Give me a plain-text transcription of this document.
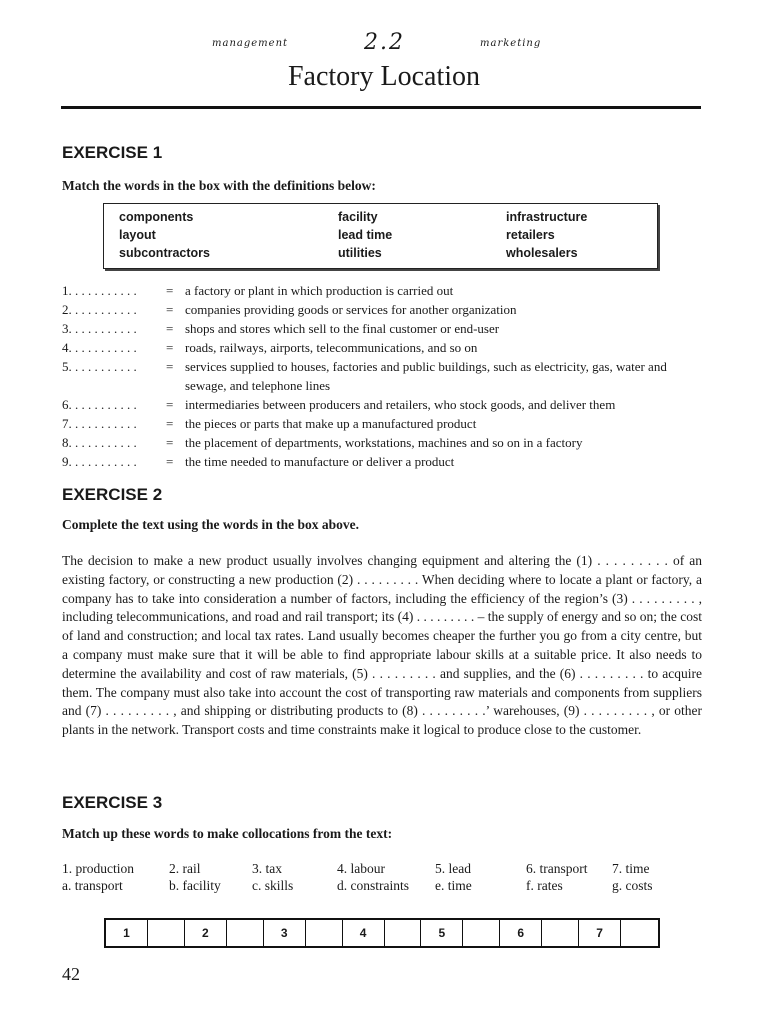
management	2.2	marketing
Factory Location
EXERCISE 1
Match the words in the box with the definitions below:
components	facility	infrastructure
layout	lead time	retailers
subcontractors	utilities	wholesalers
1. . . . . . . . . . . = a factory or plant in which production is carried out
2. . . . . . . . . . . = companies providing goods or services for another organization
3. . . . . . . . . . . = shops and stores which sell to the final customer or end-user
4. . . . . . . . . . . = roads, railways, airports, telecommunications, and so on
5. . . . . . . . . . . = services supplied to houses, factories and public buildings, such as electricity, gas, water and sewage, and telephone lines
6. . . . . . . . . . . = intermediaries between producers and retailers, who stock goods, and deliver them
7. . . . . . . . . . . = the pieces or parts that make up a manufactured product
8. . . . . . . . . . . = the placement of departments, workstations, machines and so on in a factory
9. . . . . . . . . . . = the time needed to manufacture or deliver a product
EXERCISE 2
Complete the text using the words in the box above.

The decision to make a new product usually involves changing equipment and altering the (1) . . . . . . . . . of an existing factory, or constructing a new production (2) . . . . . . . . . When deciding where to locate a plant or factory, a company has to take into consideration a number of factors, including the efficiency of the region’s (3) . . . . . . . . . , including telecommunications, and road and rail transport; its (4) . . . . . . . . . – the supply of energy and so on; the cost of land and construction; and local tax rates. Land usually becomes cheaper the further you go from a city centre, but a company must make sure that it will be able to find appropriate labour skills at a suitable price. It also needs to determine the availability and cost of raw materials, (5) . . . . . . . . . and supplies, and the (6) . . . . . . . . . to acquire them. The company must also take into account the cost of transporting raw materials and components from suppliers and (7) . . . . . . . . . , and shipping or distributing products to (8) . . . . . . . . .’ warehouses, (9) . . . . . . . . . , or other plants in the network. Transport costs and time constraints make it logical to produce close to the customer.

EXERCISE 3
Match up these words to make collocations from the text:
1. production	2. rail	3. tax	4. labour	5. lead	6. transport 7. time
a. transport	b. facility c. skills	d. constraints e. time	f. rates	g. costs
1	2	3	4	5	6	7
42
